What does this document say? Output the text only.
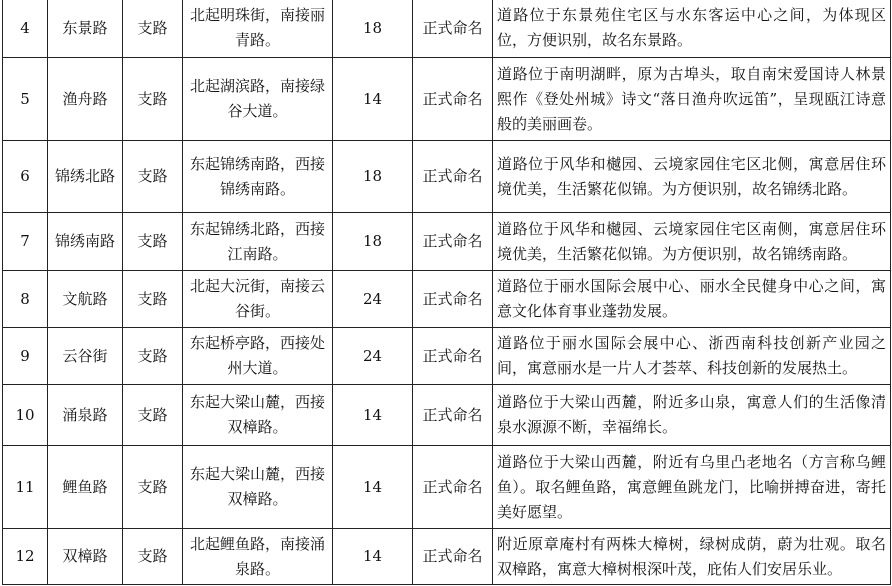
4	东景路	支路	北起明珠街，南接丽青路。	18	正式命名	道路位于东景苑住宅区与水东客运中心之间，为体现区位，方便识别，故名东景路。
5	渔舟路	支路	北起湖滨路，南接绿谷大道。	14	正式命名	道路位于南明湖畔，原为古埠头，取自南宋爱国诗人林景熙作《登处州城》诗文“落日渔舟吹远笛”，呈现瓯江诗意般的美丽画卷。
6	锦绣北路	支路	东起锦绣南路，西接锦绣南路。	18	正式命名	道路位于风华和樾园、云境家园住宅区北侧，寓意居住环境优美，生活繁花似锦。为方便识别，故名锦绣北路。
7	锦绣南路	支路	东起锦绣北路，西接江南路。	18	正式命名	道路位于风华和樾园、云境家园住宅区南侧，寓意居住环境优美，生活繁花似锦。为方便识别，故名锦绣南路。
8	文航路	支路	北起大沅街，南接云谷街。	24	正式命名	道路位于丽水国际会展中心、丽水全民健身中心之间，寓意文化体育事业蓬勃发展。
9	云谷街	支路	东起桥亭路，西接处州大道。	24	正式命名	道路位于丽水国际会展中心、浙西南科技创新产业园之间，寓意丽水是一片人才荟萃、科技创新的发展热土。
10	涌泉路	支路	东起大梁山麓，西接双樟路。	14	正式命名	道路位于大梁山西麓，附近多山泉，寓意人们的生活像清泉水源源不断，幸福绵长。
11	鲤鱼路	支路	东起大梁山麓，西接双樟路。	14	正式命名	道路位于大梁山西麓，附近有乌里凸老地名（方言称乌鲤鱼）。取名鲤鱼路，寓意鲤鱼跳龙门，比喻拼搏奋进，寄托美好愿望。
12	双樟路	支路	北起鲤鱼路，南接涌泉路。	14	正式命名	附近原章庵村有两株大樟树，绿树成荫，蔚为壮观。取名双樟路，寓意大樟树根深叶茂，庇佑人们安居乐业。
